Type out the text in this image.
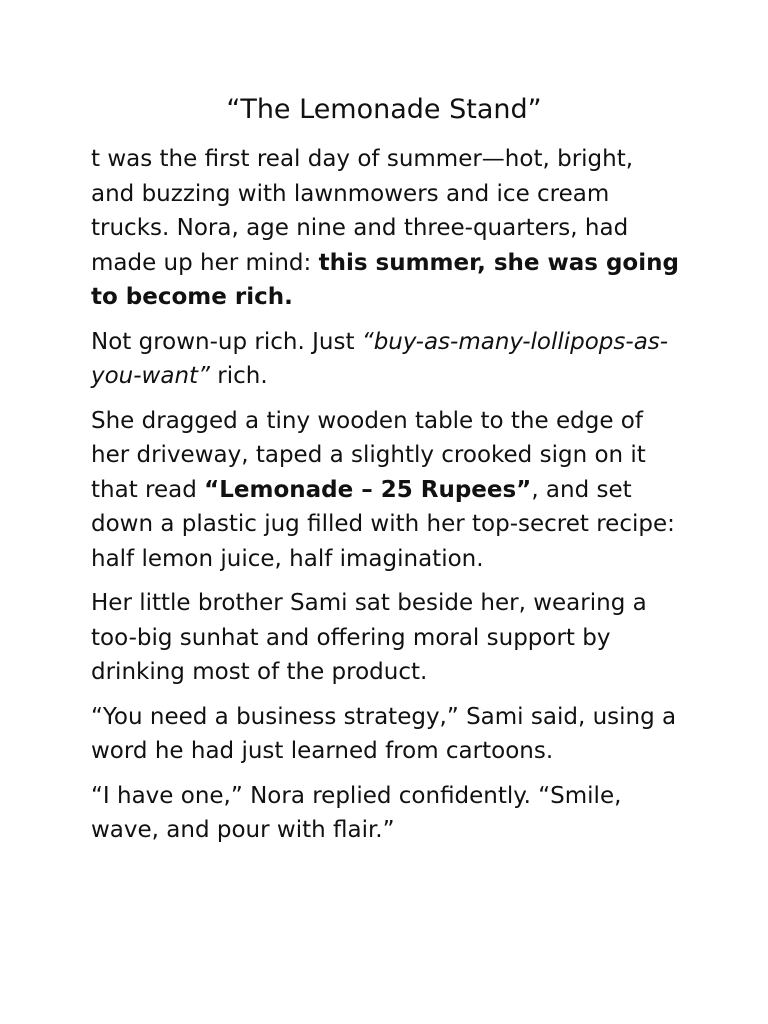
“The Lemonade Stand”

t was the first real day of summer—hot, bright, and buzzing with lawnmowers and ice cream trucks. Nora, age nine and three-quarters, had made up her mind: this summer, she was going to become rich.

Not grown-up rich. Just “buy-as-many-lollipops-as-you-want” rich.

She dragged a tiny wooden table to the edge of her driveway, taped a slightly crooked sign on it that read “Lemonade – 25 Rupees”, and set down a plastic jug filled with her top-secret recipe: half lemon juice, half imagination.

Her little brother Sami sat beside her, wearing a too-big sunhat and offering moral support by drinking most of the product.

“You need a business strategy,” Sami said, using a word he had just learned from cartoons.

“I have one,” Nora replied confidently. “Smile, wave, and pour with flair.”
